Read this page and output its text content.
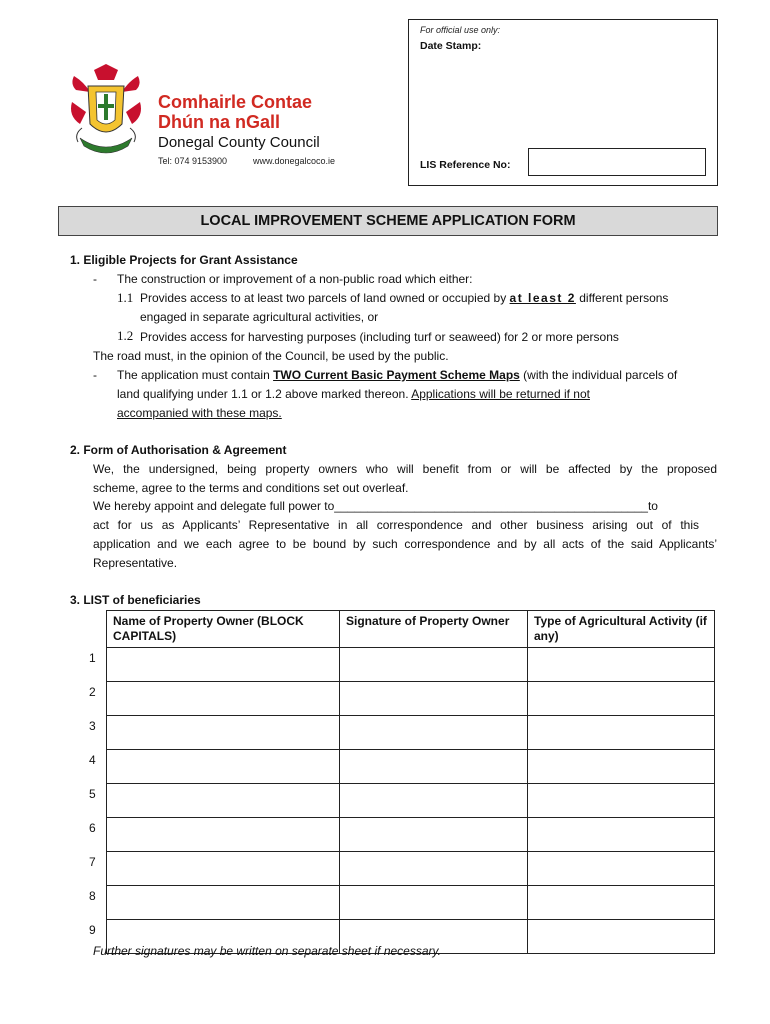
Comhairle Contae
Dhún na nGall
Donegal County Council
Tel: 074 9153900	www.donegalcoco.ie
For official use only:
Date Stamp:
LIS Reference No:
LOCAL IMPROVEMENT SCHEME APPLICATION FORM
1. Eligible Projects for Grant Assistance
- The construction or improvement of a non-public road which either:
1.1 Provides access to at least two parcels of land owned or occupied by at least 2 different persons
engaged in separate agricultural activities, or
1.2 Provides access for harvesting purposes (including turf or seaweed) for 2 or more persons
The road must, in the opinion of the Council, be used by the public.
- The application must contain TWO Current Basic Payment Scheme Maps (with the individual parcels of
land qualifying under 1.1 or 1.2 above marked thereon. Applications will be returned if not
accompanied with these maps.
2. Form of Authorisation & Agreement
We, the undersigned, being property owners who will benefit from or will be affected by the proposed
scheme, agree to the terms and conditions set out overleaf.
We hereby appoint and delegate full power to_______________________________________________to
act for us as Applicants’ Representative in all correspondence and other business arising out of this
application and we each agree to be bound by such correspondence and by all acts of the said Applicants’
Representative.
3. LIST of beneficiaries
	Name of Property Owner (BLOCK CAPITALS)	Signature of Property Owner	Type of Agricultural Activity (if any)
1			
2			
3			
4			
5			
6			
7			
8			
9			
Further signatures may be written on separate sheet if necessary.
